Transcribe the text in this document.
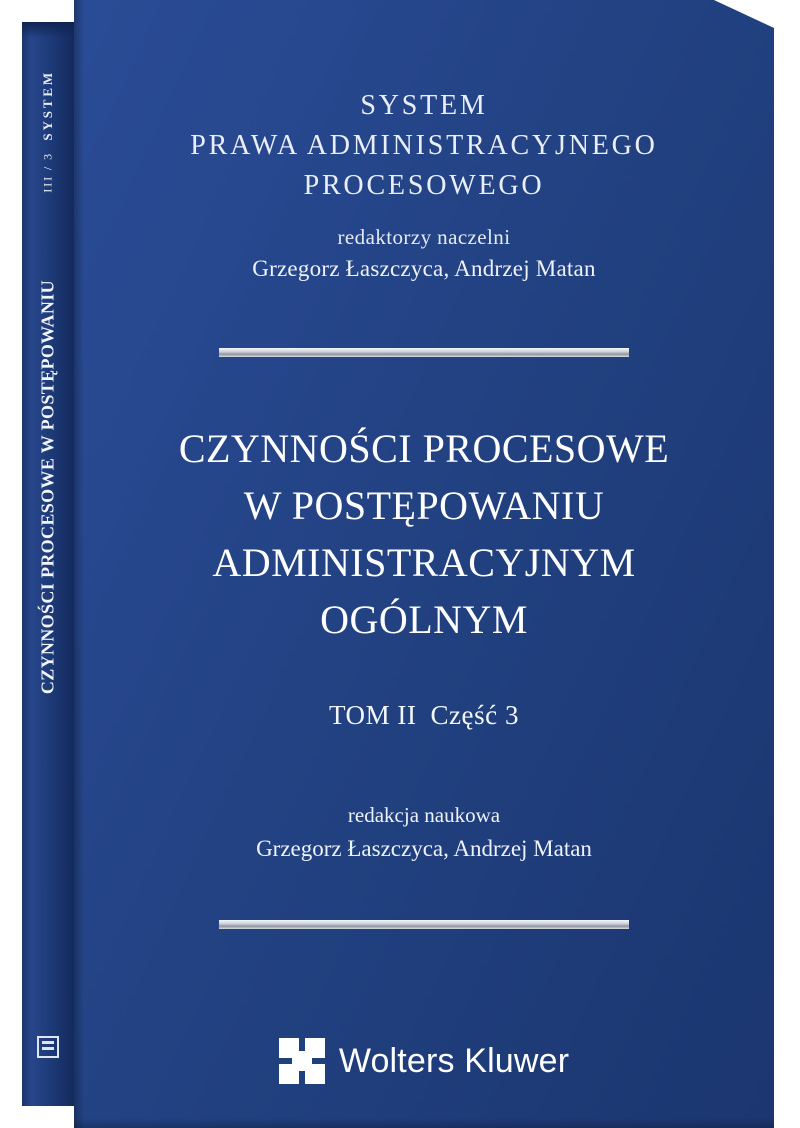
SYSTEM
III / 3
CZYNNOŚCI PROCESOWE W POSTĘPOWANIU
SYSTEM
PRAWA ADMINISTRACYJNEGO
PROCESOWEGO
redaktorzy naczelni
Grzegorz Łaszczyca, Andrzej Matan
CZYNNOŚCI PROCESOWE
W POSTĘPOWANIU
ADMINISTRACYJNYM
OGÓLNYM
TOM II Część 3
redakcja naukowa
Grzegorz Łaszczyca, Andrzej Matan
Wolters Kluwer
